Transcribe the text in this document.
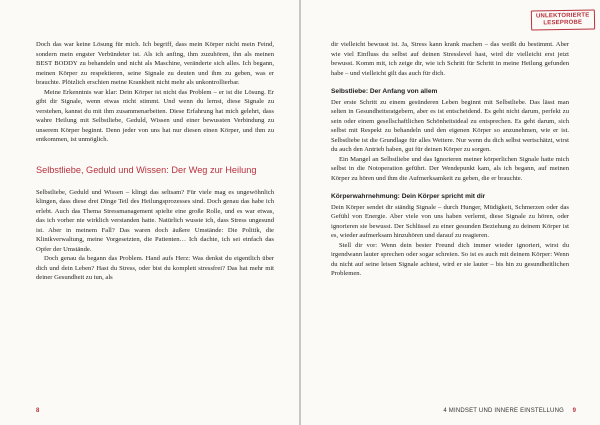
Doch das war keine Lösung für mich. Ich begriff, dass mein Körper nicht mein Feind, sondern mein engster Verbündeter ist. Als ich anfing, ihm zuzuhören, ihn als meinen BEST BODDY zu behandeln und nicht als Maschine, veränderte sich alles. Ich begann, meinen Körper zu respektieren, seine Signale zu deuten und ihm zu geben, was er brauchte. Plötzlich erschien meine Krankheit nicht mehr als unkontrollierbar.

Meine Erkenntnis war klar: Dein Körper ist nicht das Problem – er ist die Lösung. Er gibt dir Signale, wenn etwas nicht stimmt. Und wenn du lernst, diese Signale zu verstehen, kannst du mit ihm zusammenarbeiten. Diese Erfahrung hat mich gelehrt, dass wahre Heilung mit Selbstliebe, Geduld, Wissen und einer bewussten Verbindung zu unserem Körper beginnt. Denn jeder von uns hat nur diesen einen Körper, und ihm zu entkommen, ist unmöglich.

Selbstliebe, Geduld und Wissen: Der Weg zur Heilung

Selbstliebe, Geduld und Wissen – klingt das seltsam? Für viele mag es ungewöhnlich klingen, dass diese drei Dinge Teil des Heilungsprozesses sind. Doch genau das habe ich erlebt. Auch das Thema Stressmanagement spielte eine große Rolle, und es war etwas, das ich vorher nie wirklich verstanden hatte. Natürlich wusste ich, dass Stress ungesund ist. Aber in meinem Fall? Das waren doch äußere Umstände: Die Politik, die Klinikverwaltung, meine Vorgesetzten, die Patienten… Ich dachte, ich sei einfach das Opfer der Umstände.

Doch genau da begann das Problem. Hand aufs Herz: Was denkst du eigentlich über dich und dein Leben? Hast du Stress, oder bist du komplett stressfrei? Das hat mehr mit deiner Gesundheit zu tun, als

8
UNLEKTORIERTE
LESEPROBE

dir vielleicht bewusst ist. Ja, Stress kann krank machen – das weißt du bestimmt. Aber wie viel Einfluss du selbst auf deinen Stresslevel hast, wird dir vielleicht erst jetzt bewusst. Komm mit, ich zeige dir, wie ich Schritt für Schritt in meine Heilung gefunden habe – und vielleicht gilt das auch für dich.

Selbstliebe: Der Anfang von allem

Der erste Schritt zu einem gesünderen Leben beginnt mit Selbstliebe. Das lässt man selten in Gesundheitsratgebern, aber es ist entscheidend. Es geht nicht darum, perfekt zu sein oder einem gesellschaftlichen Schönheitsideal zu entsprechen. Es geht darum, sich selbst mit Respekt zu behandeln und den eigenen Körper so anzunehmen, wie er ist. Selbstliebe ist die Grundlage für alles Weitere. Nur wenn du dich selbst wertschätzt, wirst du auch den Antrieb haben, gut für deinen Körper zu sorgen.

Ein Mangel an Selbstliebe und das Ignorieren meiner körperlichen Signale hatte mich selbst in die Notoperation geführt. Der Wendepunkt kam, als ich begann, auf meinen Körper zu hören und ihm die Aufmerksamkeit zu geben, die er brauchte.

Körperwahrnehmung: Dein Körper spricht mit dir

Dein Körper sendet dir ständig Signale – durch Hunger, Müdigkeit, Schmerzen oder das Gefühl von Energie. Aber viele von uns haben verlernt, diese Signale zu hören, oder ignorieren sie bewusst. Der Schlüssel zu einer gesunden Beziehung zu deinem Körper ist es, wieder aufmerksam hinzuhören und darauf zu reagieren.

Stell dir vor: Wenn dein bester Freund dich immer wieder ignoriert, wirst du irgendwann lauter sprechen oder sogar schreien. So ist es auch mit deinem Körper: Wenn du nicht auf seine leisen Signale achtest, wird er sie lauter – bis hin zu gesundheitlichen Problemen.

4 MINDSET UND INNERE EINSTELLUNG 9
